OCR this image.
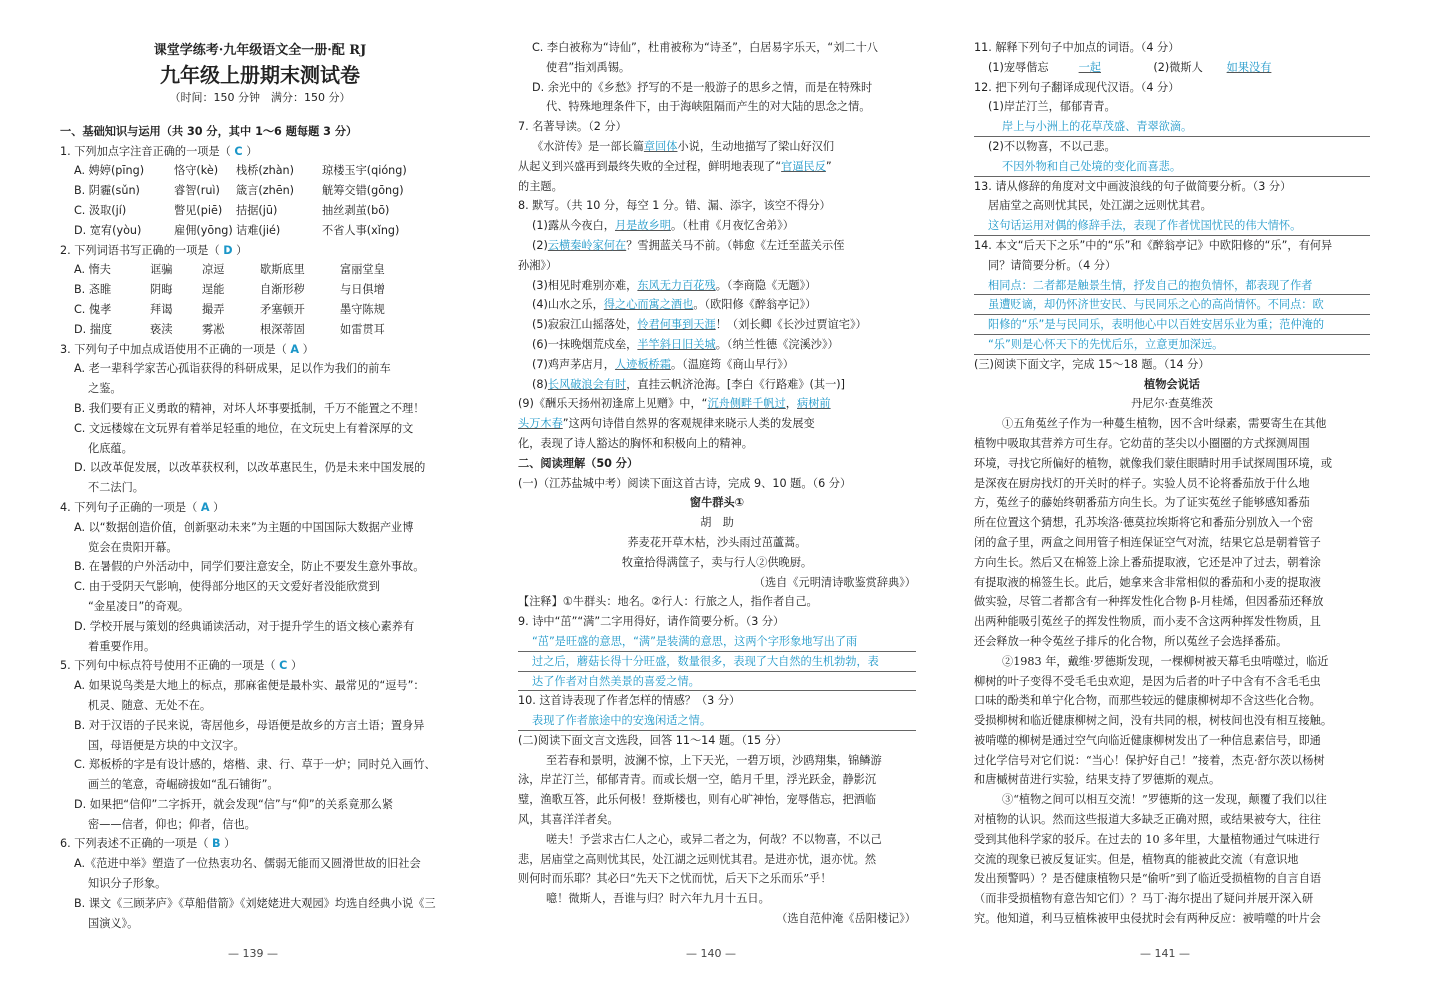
课堂学练考·九年级语文全一册·配 RJ
九年级上册期末测试卷
（时间：150 分钟　满分：150 分）
一、基础知识与运用（共 30 分，其中 1～6 题每题 3 分）
1. 下列加点字注音正确的一项是（ C ）
A. 娉婷(pīng)	恪守(kè) 栈桥(zhàn) 琼楼玉宇(qióng)
B. 阴霾(sǔn)	睿智(ruì) 箴言(zhēn) 觥筹交错(gōng)
C. 汲取(jí)	瞥见(piē) 拮据(jū)	抽丝剥茧(bō)
D. 宽宥(yòu)	雇佣(yōng) 诘难(jié)	不省人事(xǐng)
2. 下列词语书写正确的一项是（ D ）
A. 惰夫	诓骗	凉逗	歇斯底里	富丽堂皇
B. 忞睢	阴晦	逞能	自渐形秽	与日俱增
C. 傀孝	拜谒	撮弄	矛塞顿开	墨守陈规
D. 揣度	亵渎	雾凇	根深蒂固	如雷贯耳
3. 下列句子中加点成语使用不正确的一项是（ A ）
A. 老一辈科学家苦心孤诣获得的科研成果，足以作为我们的前车
之鉴。
B. 我们要有正义勇敢的精神，对坏人坏事要抵制，千万不能置之不理！
C. 文远楼嫁在文玩界有着举足轻重的地位，在文玩史上有着深厚的文
化底蕴。
D. 以改革促发展，以改革获权利，以改革惠民生，仍是未来中国发展的
不二法门。
4. 下列句子正确的一项是（ A ）
A. 以“数据创造价值，创新驱动未来”为主题的中国国际大数据产业博
览会在贵阳开幕。
B. 在暑假的户外活动中，同学们要注意安全，防止不要发生意外事故。
C. 由于受阴天气影响，使得部分地区的天文爱好者没能欣赏到
“金星凌日”的奇观。
D. 学校开展与策划的经典诵读活动，对于提升学生的语文核心素养有
着重要作用。
5. 下列句中标点符号使用不正确的一项是（ C ）
A. 如果说鸟类是大地上的标点，那麻雀便是最朴实、最常见的“逗号”：
机灵、随意、无处不在。
B. 对于汉语的子民来说，寄居他乡，母语便是故乡的方言土语；置身异
国，母语便是方块的中文汉字。
C. 郑板桥的字是有设计感的，熔楷、隶、行、草于一炉；同时兑入画竹、
画兰的笔意，奇崛磅拔如“乱石铺街”。
D. 如果把“信仰”二字拆开，就会发现“信”与“仰”的关系竟那么紧
密——信者，仰也；仰者，信也。
6. 下列表述不正确的一项是（ B ）
A.《范进中举》塑造了一位热衷功名、儒弱无能而又圆滑世故的旧社会
知识分子形象。
B. 课文《三顾茅庐》《草船借箭》《刘姥姥进大观园》均选自经典小说《三
国演义》。
— 139 —
C. 李白被称为“诗仙”，杜甫被称为“诗圣”，白居易字乐天，“刘二十八
使君”指刘禹锡。
D. 余光中的《乡愁》抒写的不是一般游子的思乡之情，而是在特殊时
代、特殊地理条件下，由于海峡阻隔而产生的对大陆的思念之情。
7. 名著导读。（2 分）
《水浒传》是一部长篇章回体小说，生动地描写了梁山好汉们
从起义到兴盛再到最终失败的全过程，鲜明地表现了“官逼民反”
的主题。
8. 默写。（共 10 分，每空 1 分。错、漏、添字，该空不得分）
(1)露从今夜白，月是故乡明。（杜甫《月夜忆舍弟》）
(2)云横秦岭家何在？雪拥蓝关马不前。（韩愈《左迁至蓝关示侄
孙湘》）
(3)相见时难别亦难，东风无力百花残。（李商隐《无题》）
(4)山水之乐，得之心而寓之酒也。（欧阳修《醉翁亭记》）
(5)寂寂江山摇落处，怜君何事到天涯！（刘长卿《长沙过贾谊宅》）
(6)一抹晚烟荒戍垒，半竿斜日旧关城。（纳兰性德《浣溪沙》）
(7)鸡声茅店月，人迹板桥霜。（温庭筠《商山早行》）
(8)长风破浪会有时，直挂云帆济沧海。[李白《行路难》(其一)]
(9)《酬乐天扬州初逢席上见赠》中，“沉舟侧畔千帆过，病树前
头万木春”这两句诗借自然界的客观规律来晓示人类的发展变
化，表现了诗人豁达的胸怀和积极向上的精神。
二、阅读理解（50 分）
(一)（江苏盐城中考）阅读下面这首古诗，完成 9、10 题。（6 分）
窗牛群头①
胡　助
荞麦花开草木枯，沙头雨过茁蘆蒿。
牧童拾得满筐子，卖与行人②供晚厨。
（选自《元明清诗歌鉴赏辞典》）
【注释】①牛群头：地名。②行人：行旅之人，指作者自己。
9. 诗中“茁”“满”二字用得好，请作简要分析。（3 分）
“茁”是旺盛的意思，“满”是装满的意思，这两个字形象地写出了雨
过之后，蘑菇长得十分旺盛，数量很多，表现了大自然的生机勃勃，表
达了作者对自然美景的喜爱之情。
10. 这首诗表现了作者怎样的情感？（3 分）
表现了作者旅途中的安逸闲适之情。
(二)阅读下面文言文选段，回答 11～14 题。（15 分）
至若春和景明，波澜不惊，上下天光，一碧万顷，沙鸥翔集，锦鳞游
泳，岸芷汀兰，郁郁青青。而或长烟一空，皓月千里，浮光跃金，静影沉
璧，渔歌互答，此乐何极！登斯楼也，则有心旷神怡，宠辱偕忘，把酒临
风，其喜洋洋者矣。
嗟夫！予尝求古仁人之心，或异二者之为，何哉？不以物喜，不以己
悲，居庙堂之高则忧其民，处江湖之远则忧其君。是进亦忧，退亦忧。然
则何时而乐耶？其必曰“先天下之忧而忧，后天下之乐而乐”乎！
噫！微斯人，吾谁与归？时六年九月十五日。
（选自范仲淹《岳阳楼记》）
— 140 —
11. 解释下列句子中加点的词语。（4 分）
(1)宠辱偕忘　	一起　　　	(2)微斯人　 如果没有
12. 把下列句子翻译成现代汉语。（4 分）
(1)岸芷汀兰，郁郁青青。
岸上与小洲上的花草茂盛、青翠欲滴。
(2)不以物喜，不以己悲。
不因外物和自己处境的变化而喜悲。
13. 请从修辞的角度对文中画波浪线的句子做简要分析。（3 分）
居庙堂之高则忧其民，处江湖之远则忧其君。
这句话运用对偶的修辞手法，表现了作者忧国忧民的伟大情怀。
14. 本文“后天下之乐”中的“乐”和《醉翁亭记》中欧阳修的“乐”，有何异
同？请简要分析。（4 分）
相同点：二者都是触景生情，抒发自己的抱负情怀，都表现了作者
虽遭贬谪，却仍怀济世安民、与民同乐之心的高尚情怀。不同点：欧
阳修的“乐”是与民同乐，表明他心中以百姓安居乐业为重；范仲淹的
“乐”则是心怀天下的先忧后乐，立意更加深远。
(三)阅读下面文字，完成 15～18 题。（14 分）
植物会说话
丹尼尔·查莫维茨
①五角菟丝子作为一种蔓生植物，因不含叶绿素，需要寄生在其他
植物中吸取其营养方可生存。它幼苗的茎尖以小圈圈的方式探测周围
环境，寻找它所偏好的植物，就像我们蒙住眼睛时用手试探周围环境，或
是深夜在厨房找灯的开关时的样子。实验人员不论将番茄放于什么地
方，菟丝子的藤始终朝番茄方向生长。为了证实菟丝子能够感知番茄
所在位置这个猜想，孔苏埃洛·德莫拉埃斯将它和番茄分别放入一个密
闭的盒子里，两盒之间用管子相连保证空气对流，结果它总是朝着管子
方向生长。然后又在棉签上涂上番茄提取液，它还是冲了过去，朝着涂
有提取液的棉签生长。此后，她拿来含非常相似的番茄和小麦的提取液
做实验，尽管二者都含有一种挥发性化合物 β-月桂烯，但因番茄还释放
出两种能吸引菟丝子的挥发性物质，而小麦不含这两种挥发性物质，且
还会释放一种令菟丝子排斥的化合物，所以菟丝子会选择番茄。
②1983 年，戴维·罗德斯发现，一棵柳树被天幕毛虫啃噬过，临近
柳树的叶子变得不受毛毛虫欢迎，是因为后者的叶子中含有不含毛毛虫
口味的酚类和单宁化合物，而那些较远的健康柳树却不含这些化合物。
受损柳树和临近健康柳树之间，没有共同的根，树枝间也没有相互接触。
被啃噬的柳树是通过空气向临近健康柳树发出了一种信息素信号，即通
过化学信号对它们说：“当心！保护好自己！”接着，杰克·舒尔茨以杨树
和唐槭树苗进行实验，结果支持了罗德斯的观点。
③“植物之间可以相互交流！”罗德斯的这一发现，颠覆了我们以往
对植物的认识。然而这些报道大多缺乏正确对照，或结果被夸大，往往
受到其他科学家的驳斥。在过去的 10 多年里，大量植物通过气味进行
交流的现象已被反复证实。但是，植物真的能被此交流（有意识地
发出预警吗）？是否健康植物只是“偷听”到了临近受损植物的自言自语
（而非受损植物有意告知它们）？马丁·海尔提出了疑问并展开深入研
究。他知道，利马豆植株被甲虫侵扰时会有两种反应：被啃噬的叶片会
— 141 —
